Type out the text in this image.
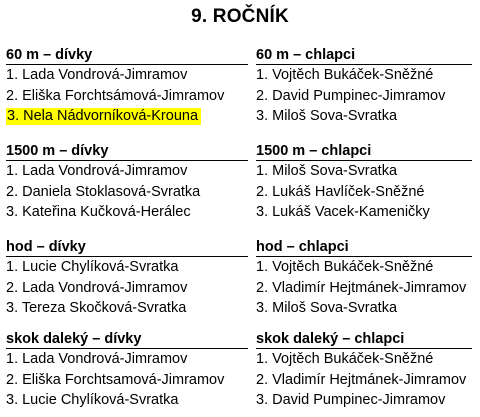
9. ROČNÍK
60 m – dívky
1. Lada Vondrová-Jimramov
2. Eliška Forchtsámová-Jimramov
3. Nela Nádvorníková-Krouna
60 m – chlapci
1. Vojtěch Bukáček-Sněžné
2. David Pumpinec-Jimramov
3. Miloš Sova-Svratka
1500 m – dívky
1. Lada Vondrová-Jimramov
2. Daniela Stoklasová-Svratka
3. Kateřina Kučková-Herálec
1500 m – chlapci
1. Miloš Sova-Svratka
2. Lukáš Havlíček-Sněžné
3. Lukáš Vacek-Kameničky
hod – dívky
1. Lucie Chylíková-Svratka
2. Lada Vondrová-Jimramov
3. Tereza Skočková-Svratka
hod – chlapci
1. Vojtěch Bukáček-Sněžné
2. Vladimír Hejtmánek-Jimramov
3. Miloš Sova-Svratka
skok daleký – dívky
1. Lada Vondrová-Jimramov
2. Eliška Forchtsamová-Jimramov
3. Lucie Chylíková-Svratka
skok daleký – chlapci
1. Vojtěch Bukáček-Sněžné
2. Vladimír Hejtmánek-Jimramov
3. David Pumpinec-Jimramov
